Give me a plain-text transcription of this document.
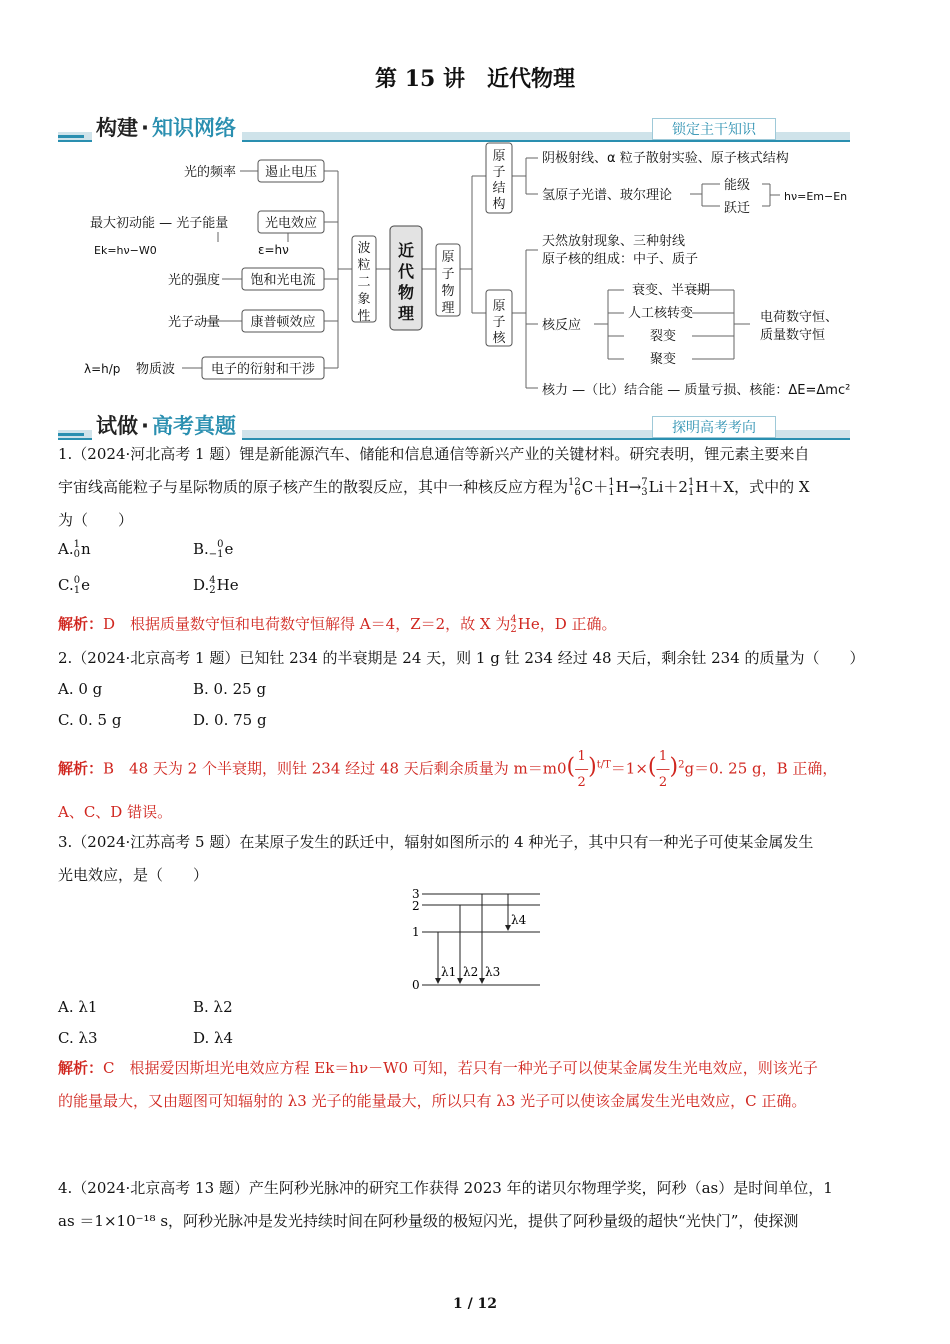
第 15 讲　近代物理
构建 · 知识网络	锁定主干知识
遏止电压
光的频率
光电效应
最大初动能 — 光子能量
Ek=hν−W0	ε=hν
饱和光电流
光的强度
康普顿效应
光子动量
电子的衍射和干涉
物质波
λ=h/p
波粒二象性
近代物理
原子物理
原子结构
原子核
阴极射线、α 粒子散射实验、原子核式结构
氢原子光谱、玻尔理论
能级
跃迁
hν=Em−En
天然放射现象、三种射线
原子核的组成：中子、质子
核反应
衰变、半衰期
人工核转变
裂变
聚变
电荷数守恒、
质量数守恒
核力 —（比）结合能 — 质量亏损、核能：ΔE=Δmc²
试做 · 高考真题	探明高考考向
1.（2024·河北高考 1 题）锂是新能源汽车、储能和信息通信等新兴产业的关键材料。研究表明，锂元素主要来自
宇宙线高能粒子与星际物质的原子核产生的散裂反应，其中一种核反应方程为12
6C＋1
1H→7
3Li＋21
1H＋X，式中的 X
为（　　）
A.1
0n	B. 0
−1e
C.0
1e	D.4
2He
解析：D　根据质量数守恒和电荷数守恒解得 A＝4，Z＝2，故 X 为4
2He，D 正确。
2.（2024·北京高考 1 题）已知钍 234 的半衰期是 24 天，则 1 g 钍 234 经过 48 天后，剩余钍 234 的质量为（　　）
A. 0 g	B. 0. 25 g
C. 0. 5 g	D. 0. 75 g
解析：B　48 天为 2 个半衰期，则钍 234 经过 48 天后剩余质量为 m＝m0( 1
―
2)$^{t/T}$＝1×( 1
―
2)$^2$g＝0. 25 g，B 正确，
A、C、D 错误。
3.（2024·江苏高考 5 题）在某原子发生的跃迁中，辐射如图所示的 4 种光子，其中只有一种光子可使某金属发生
光电效应，是（　　）
3
2
1
0
λ1 λ2 λ3
λ4
A. λ1	B. λ2
C. λ3	D. λ4
解析：C　根据爱因斯坦光电效应方程 Ek＝hν－W0 可知，若只有一种光子可以使某金属发生光电效应，则该光子
的能量最大，又由题图可知辐射的 λ3 光子的能量最大，所以只有 λ3 光子可以使该金属发生光电效应，C 正确。
4.（2024·北京高考 13 题）产生阿秒光脉冲的研究工作获得 2023 年的诺贝尔物理学奖，阿秒（as）是时间单位，1
as ＝1×10⁻¹⁸ s，阿秒光脉冲是发光持续时间在阿秒量级的极短闪光，提供了阿秒量级的超快“光快门”，使探测
1 / 12
